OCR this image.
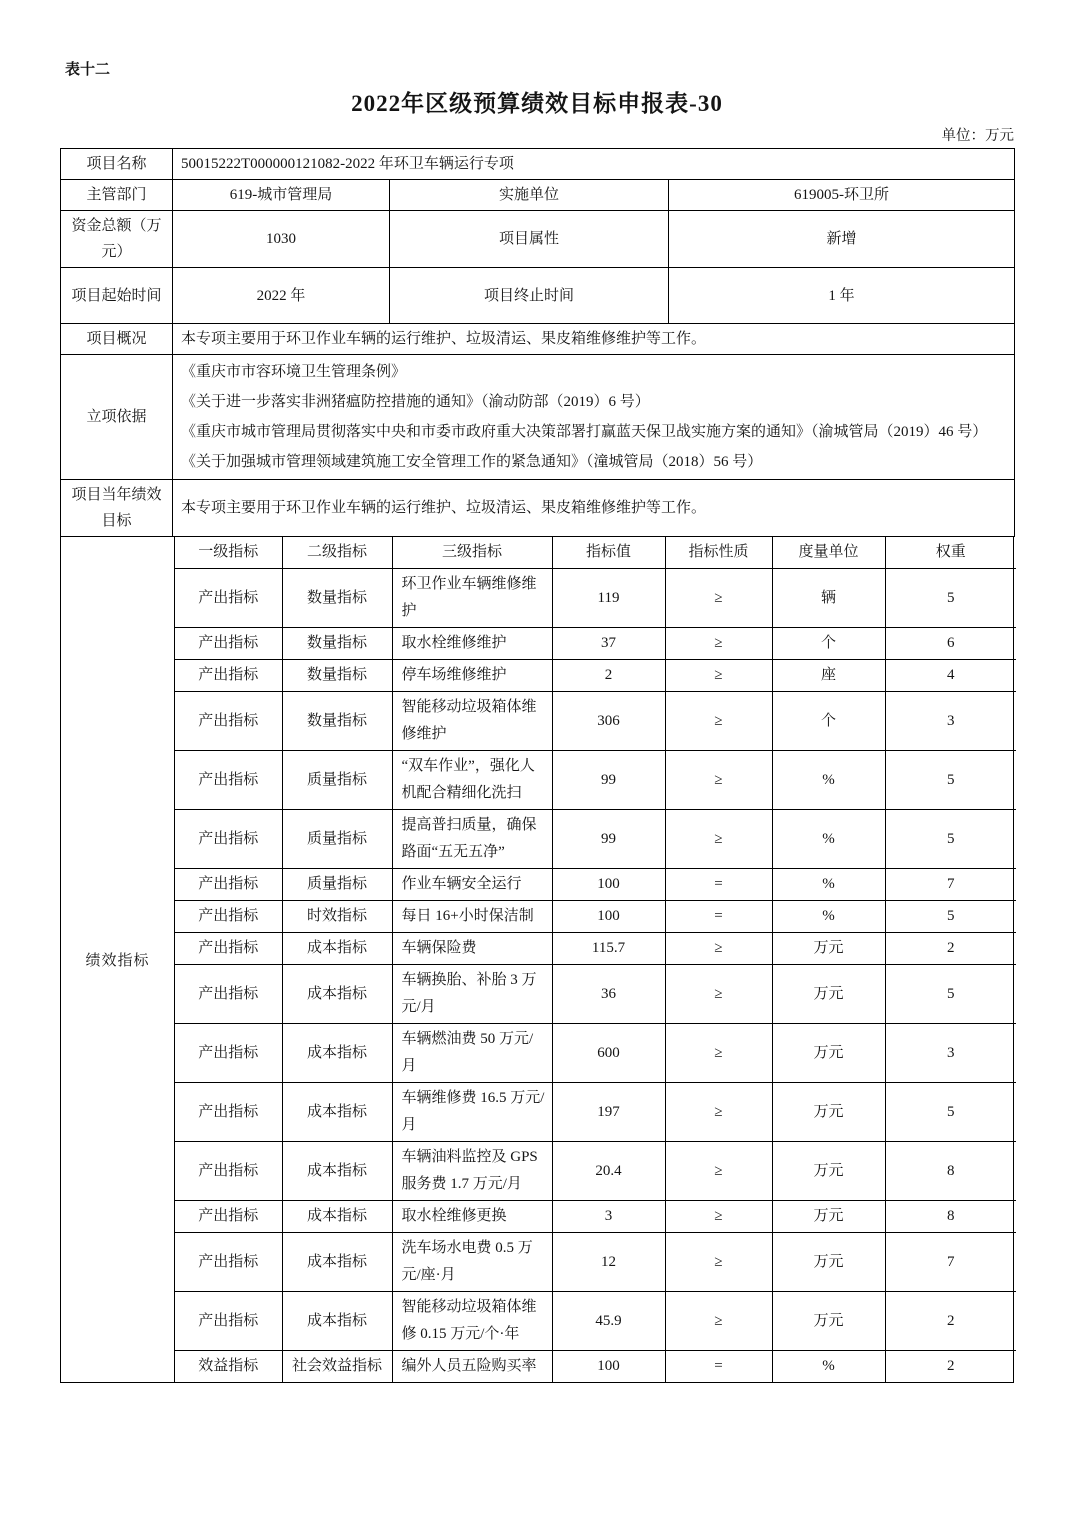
表十二
2022年区级预算绩效目标申报表-30
单位：万元
项目名称	50015222T000000121082-2022 年环卫车辆运行专项		
主管部门	619-城市管理局	实施单位	619005-环卫所
资金总额（万元）	1030	项目属性	新增
项目起始时间	2022 年	项目终止时间	1 年
项目概况	本专项主要用于环卫作业车辆的运行维护、垃圾清运、果皮箱维修维护等工作。		
立项依据	《重庆市市容环境卫生管理条例》

《关于进一步落实非洲猪瘟防控措施的通知》（渝动防部（2019）6 号）

《重庆市城市管理局贯彻落实中央和市委市政府重大决策部署打赢蓝天保卫战实施方案的通知》（渝城管局（2019）46 号）

《关于加强城市管理领域建筑施工安全管理工作的紧急通知》（潼城管局（2018）56 号）		

项目当年绩效目标	本专项主要用于环卫作业车辆的运行维护、垃圾清运、果皮箱维修维护等工作。		
绩效指标
一级指标	二级指标	三级指标	指标值	指标性质	度量单位	权重
产出指标	数量指标	环卫作业车辆维修维护	119	≥	辆	5
产出指标	数量指标	取水栓维修维护	37	≥	个	6
产出指标	数量指标	停车场维修维护	2	≥	座	4
产出指标	数量指标	智能移动垃圾箱体维修维护	306	≥	个	3
产出指标	质量指标	“双车作业”，强化人机配合精细化洗扫	99	≥	%	5
产出指标	质量指标	提高普扫质量，确保路面“五无五净”	99	≥	%	5
产出指标	质量指标	作业车辆安全运行	100	=	%	7
产出指标	时效指标	每日 16+小时保洁制	100	=	%	5
产出指标	成本指标	车辆保险费	115.7	≥	万元	2
产出指标	成本指标	车辆换胎、补胎 3 万元/月	36	≥	万元	5
产出指标	成本指标	车辆燃油费 50 万元/月	600	≥	万元	3
产出指标	成本指标	车辆维修费 16.5 万元/月	197	≥	万元	5
产出指标	成本指标	车辆油料监控及 GPS 服务费 1.7 万元/月	20.4	≥	万元	8
产出指标	成本指标	取水栓维修更换	3	≥	万元	8
产出指标	成本指标	洗车场水电费 0.5 万元/座·月	12	≥	万元	7
产出指标	成本指标	智能移动垃圾箱体维修 0.15 万元/个·年	45.9	≥	万元	2
效益指标	社会效益指标	编外人员五险购买率	100	=	%	2
